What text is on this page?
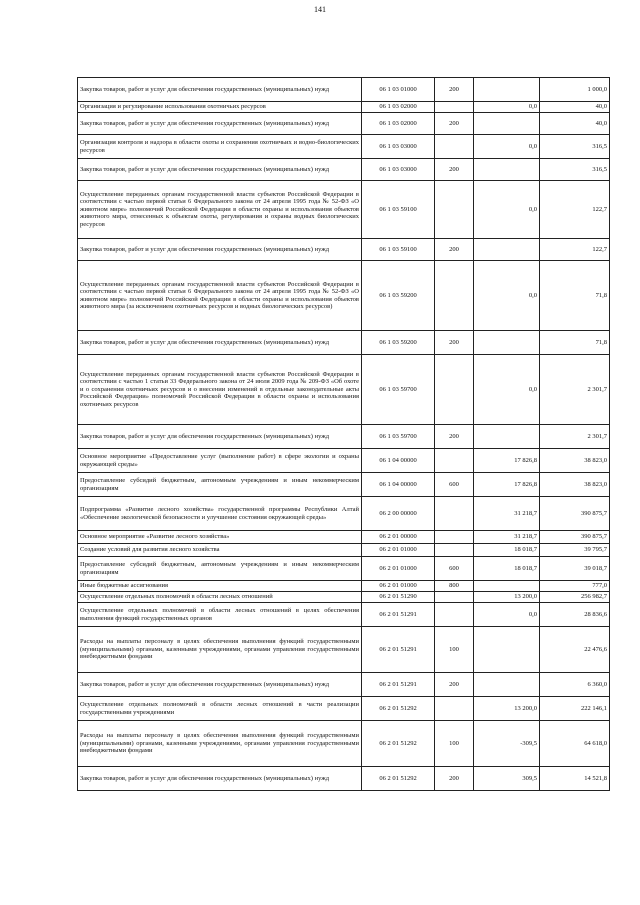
141
Закупка товаров, работ и услуг для обеспечения государственных (муниципальных) нужд	06 1 03 01000	200		1 000,0
Организация и регулирование использования охотничьих ресурсов	06 1 03 02000		0,0	40,0
Закупка товаров, работ и услуг для обеспечения государственных (муниципальных) нужд	06 1 03 02000	200		40,0
Организация контроля и надзора в области охоты и сохранения охотничьих и водно-биологических ресурсов	06 1 03 03000		0,0	316,5
Закупка товаров, работ и услуг для обеспечения государственных (муниципальных) нужд	06 1 03 03000	200		316,5
Осуществление переданных органам государственной власти субъектов Российской Федерации в соответствии с частью первой статьи 6 Федерального закона от 24 апреля 1995 года № 52-ФЗ «О животном мире» полномочий Российской Федерации в области охраны и использования объектов животного мира, отнесенных к объектам охоты, регулирования и охраны водных биологических ресурсов	06 1 03 59100		0,0	122,7
Закупка товаров, работ и услуг для обеспечения государственных (муниципальных) нужд	06 1 03 59100	200		122,7
Осуществление переданных органам государственной власти субъектов Российской Федерации в соответствии с частью первой статьи 6 Федерального закона от 24 апреля 1995 года № 52-ФЗ «О животном мире» полномочий Российской Федерации в области охраны и использования объектов животного мира (за исключением охотничьих ресурсов и водных биологических ресурсов)	06 1 03 59200		0,0	71,8
Закупка товаров, работ и услуг для обеспечения государственных (муниципальных) нужд	06 1 03 59200	200		71,8
Осуществление переданных органам государственной власти субъектов Российской Федерации в соответствии с частью 1 статьи 33 Федерального закона от 24 июля 2009 года № 209-ФЗ «Об охоте и о сохранении охотничьих ресурсов и о внесении изменений в отдельные законодательные акты Российской Федерации» полномочий Российской Федерации в области охраны и использования охотничьих ресурсов	06 1 03 59700		0,0	2 301,7
Закупка товаров, работ и услуг для обеспечения государственных (муниципальных) нужд	06 1 03 59700	200		2 301,7
Основное мероприятие «Предоставление услуг (выполнение работ) в сфере экологии и охраны окружающей среды»	06 1 04 00000		17 826,8	38 823,0
Предоставление субсидий бюджетным, автономным учреждениям и иным некоммерческим организациям	06 1 04 00000	600	17 826,8	38 823,0
Подпрограмма «Развитие лесного хозяйства» государственной программы Республики Алтай «Обеспечение экологической безопасности и улучшение состояния окружающей среды»	06 2 00 00000		31 218,7	390 875,7
Основное мероприятие «Развитие лесного хозяйства»	06 2 01 00000		31 218,7	390 875,7
Создание условий для развития лесного хозяйства	06 2 01 01000		18 018,7	39 795,7
Предоставление субсидий бюджетным, автономным учреждениям и иным некоммерческим организациям	06 2 01 01000	600	18 018,7	39 018,7
Иные бюджетные ассигнования	06 2 01 01000	800		777,0
Осуществление отдельных полномочий в области лесных отношений	06 2 01 51290		13 200,0	256 982,7
Осуществление отдельных полномочий в области лесных отношений в целях обеспечения выполнения функций государственных органов	06 2 01 51291		0,0	28 836,6
Расходы на выплаты персоналу в целях обеспечения выполнения функций государственными (муниципальными) органами, казенными учреждениями, органами управления государственными внебюджетными фондами	06 2 01 51291	100		22 476,6
Закупка товаров, работ и услуг для обеспечения государственных (муниципальных) нужд	06 2 01 51291	200		6 360,0
Осуществление отдельных полномочий в области лесных отношений в части реализации государственными учреждениями	06 2 01 51292		13 200,0	222 146,1
Расходы на выплаты персоналу в целях обеспечения выполнения функций государственными (муниципальными) органами, казенными учреждениями, органами управления государственными внебюджетными фондами	06 2 01 51292	100	-309,5	64 618,0
Закупка товаров, работ и услуг для обеспечения государственных (муниципальных) нужд	06 2 01 51292	200	309,5	14 521,8
